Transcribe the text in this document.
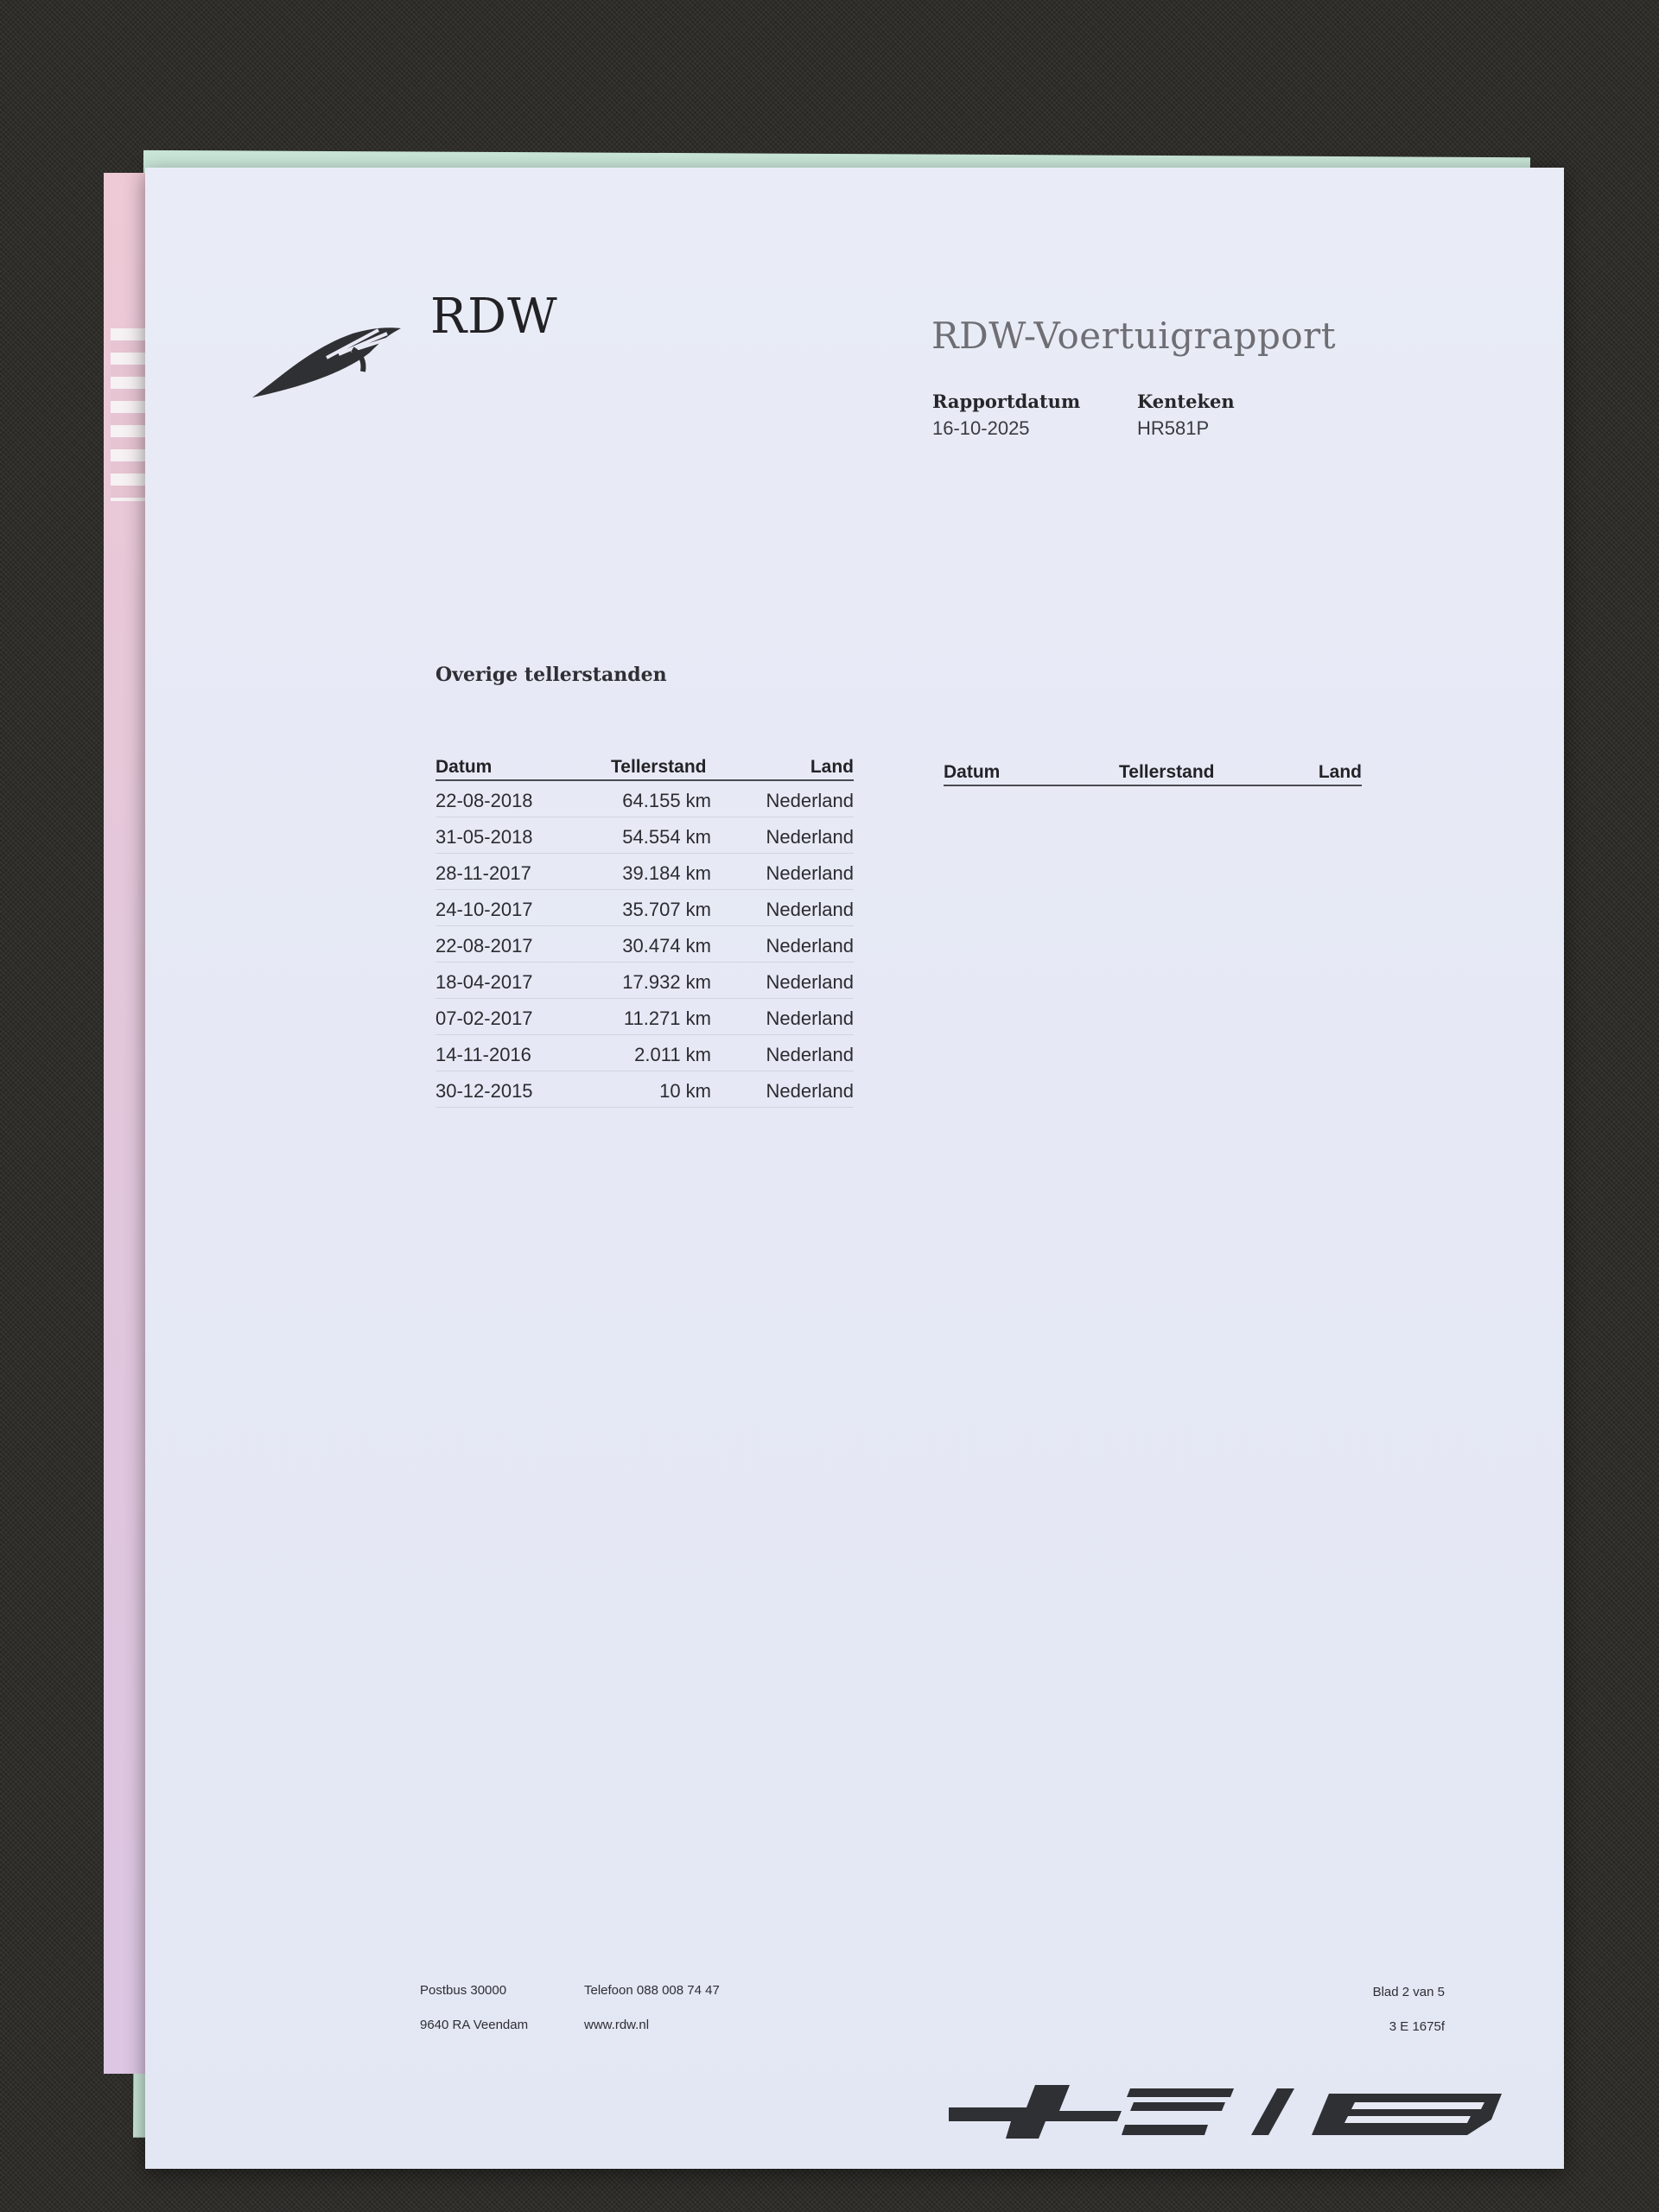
RDW	RDW-Voertuigrapport
Rapportdatum
16-10-2025
Kenteken
HR581P
Overige tellerstanden
Datum	Tellerstand	Land
22-08-2018	64.155 km	Nederland
31-05-2018	54.554 km	Nederland
28-11-2017	39.184 km	Nederland
24-10-2017	35.707 km	Nederland
22-08-2017	30.474 km	Nederland
18-04-2017	17.932 km	Nederland
07-02-2017	11.271 km	Nederland
14-11-2016	2.011 km	Nederland
30-12-2015	10 km	Nederland
Datum	Tellerstand	Land
Postbus 30000
9640 RA Veendam
Telefoon 088 008 74 47
www.rdw.nl
Blad 2 van 5
3 E 1675f
